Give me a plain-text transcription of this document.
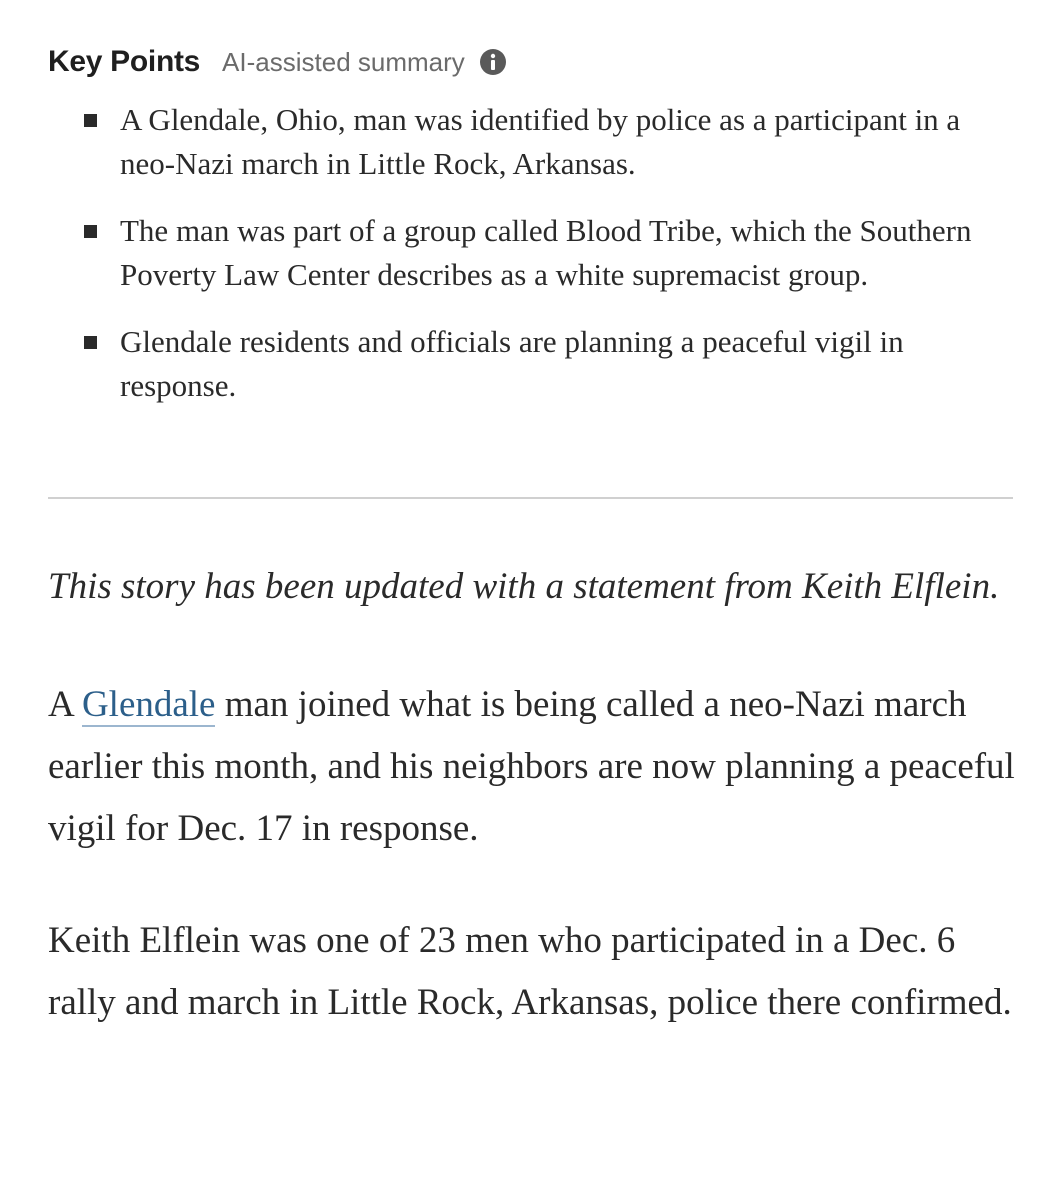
Key Points AI-assisted summary
A Glendale, Ohio, man was identified by police as a participant in a neo-Nazi march in Little Rock, Arkansas.
The man was part of a group called Blood Tribe, which the Southern Poverty Law Center describes as a white supremacist group.
Glendale residents and officials are planning a peaceful vigil in response.

This story has been updated with a statement from Keith Elflein.

A Glendale man joined what is being called a neo-Nazi march earlier this month, and his neighbors are now planning a peaceful vigil for Dec. 17 in response.

Keith Elflein was one of 23 men who participated in a Dec. 6 rally and march in Little Rock, Arkansas, police there confirmed.
